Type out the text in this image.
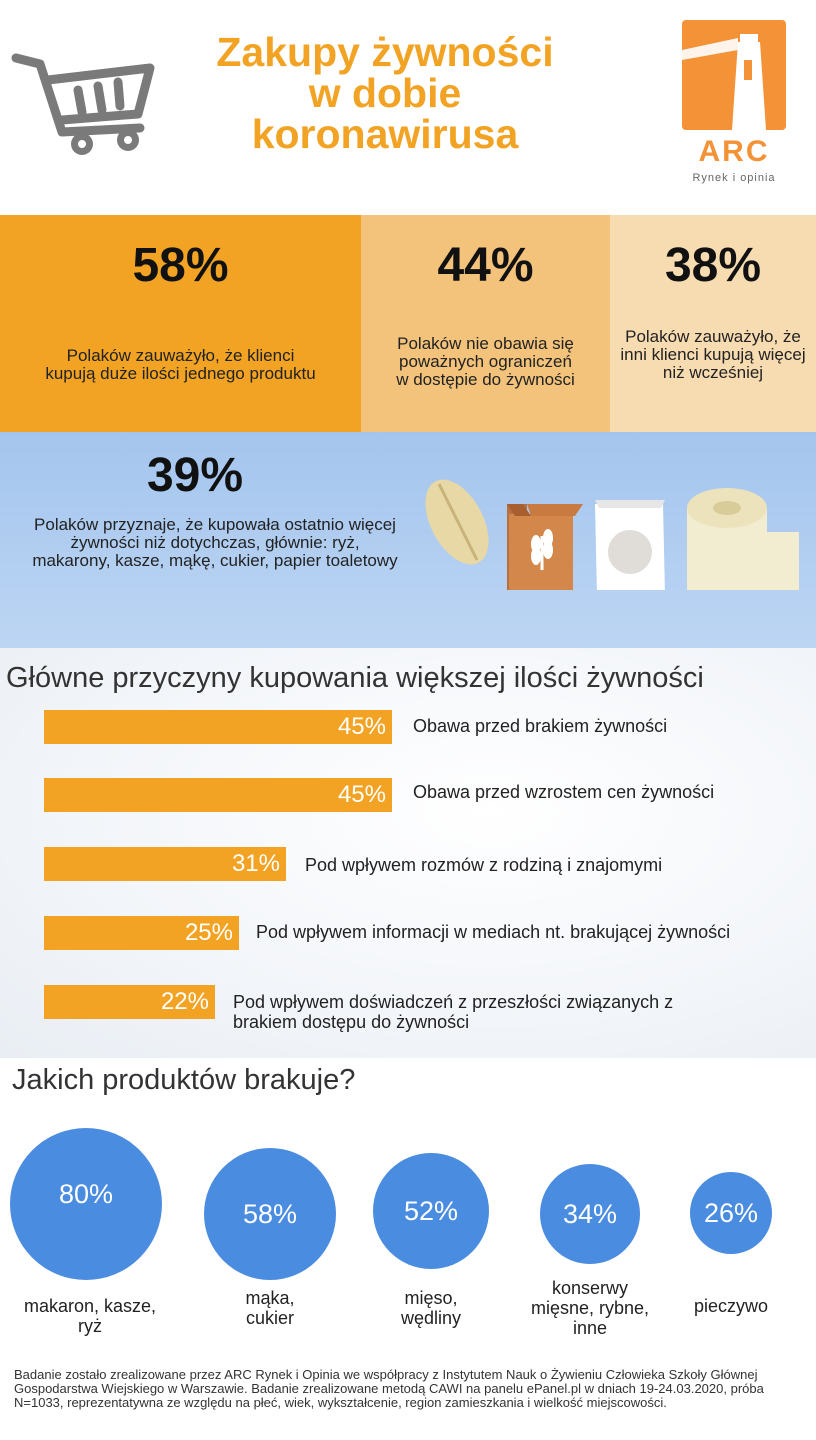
Zakupy żywności
w dobie
koronawirusa	ARC
Rynek i opinia
58%
Polaków zauważyło, że klienci kupują duże ilości jednego produktu
44%
Polaków nie obawia się poważnych ograniczeń w dostępie do żywności
38%
Polaków zauważyło, że inni klienci kupują więcej niż wcześniej
39%
Polaków przyznaje, że kupowała ostatnio więcej żywności niż dotychczas, głównie: ryż, makarony, kasze, mąkę, cukier, papier toaletowy
Główne przyczyny kupowania większej ilości żywności
45% Obawa przed brakiem żywności
45% Obawa przed wzrostem cen żywności
31% Pod wpływem rozmów z rodziną i znajomymi
25% Pod wpływem informacji w mediach nt. brakującej żywności
22% Pod wpływem doświadczeń z przeszłości związanych z brakiem dostępu do żywności
Jakich produktów brakuje?
80%
makaron, kasze, ryż
58%
mąka, cukier
52%
mięso, wędliny
34%
konserwy mięsne, rybne, inne
26%
pieczywo
Badanie zostało zrealizowane przez ARC Rynek i Opinia we współpracy z Instytutem Nauk o Żywieniu Człowieka Szkoły Głównej Gospodarstwa Wiejskiego w Warszawie. Badanie zrealizowane metodą CAWI na panelu ePanel.pl w dniach 19-24.03.2020, próba N=1033, reprezentatywna ze względu na płeć, wiek, wykształcenie, region zamieszkania i wielkość miejscowości.
